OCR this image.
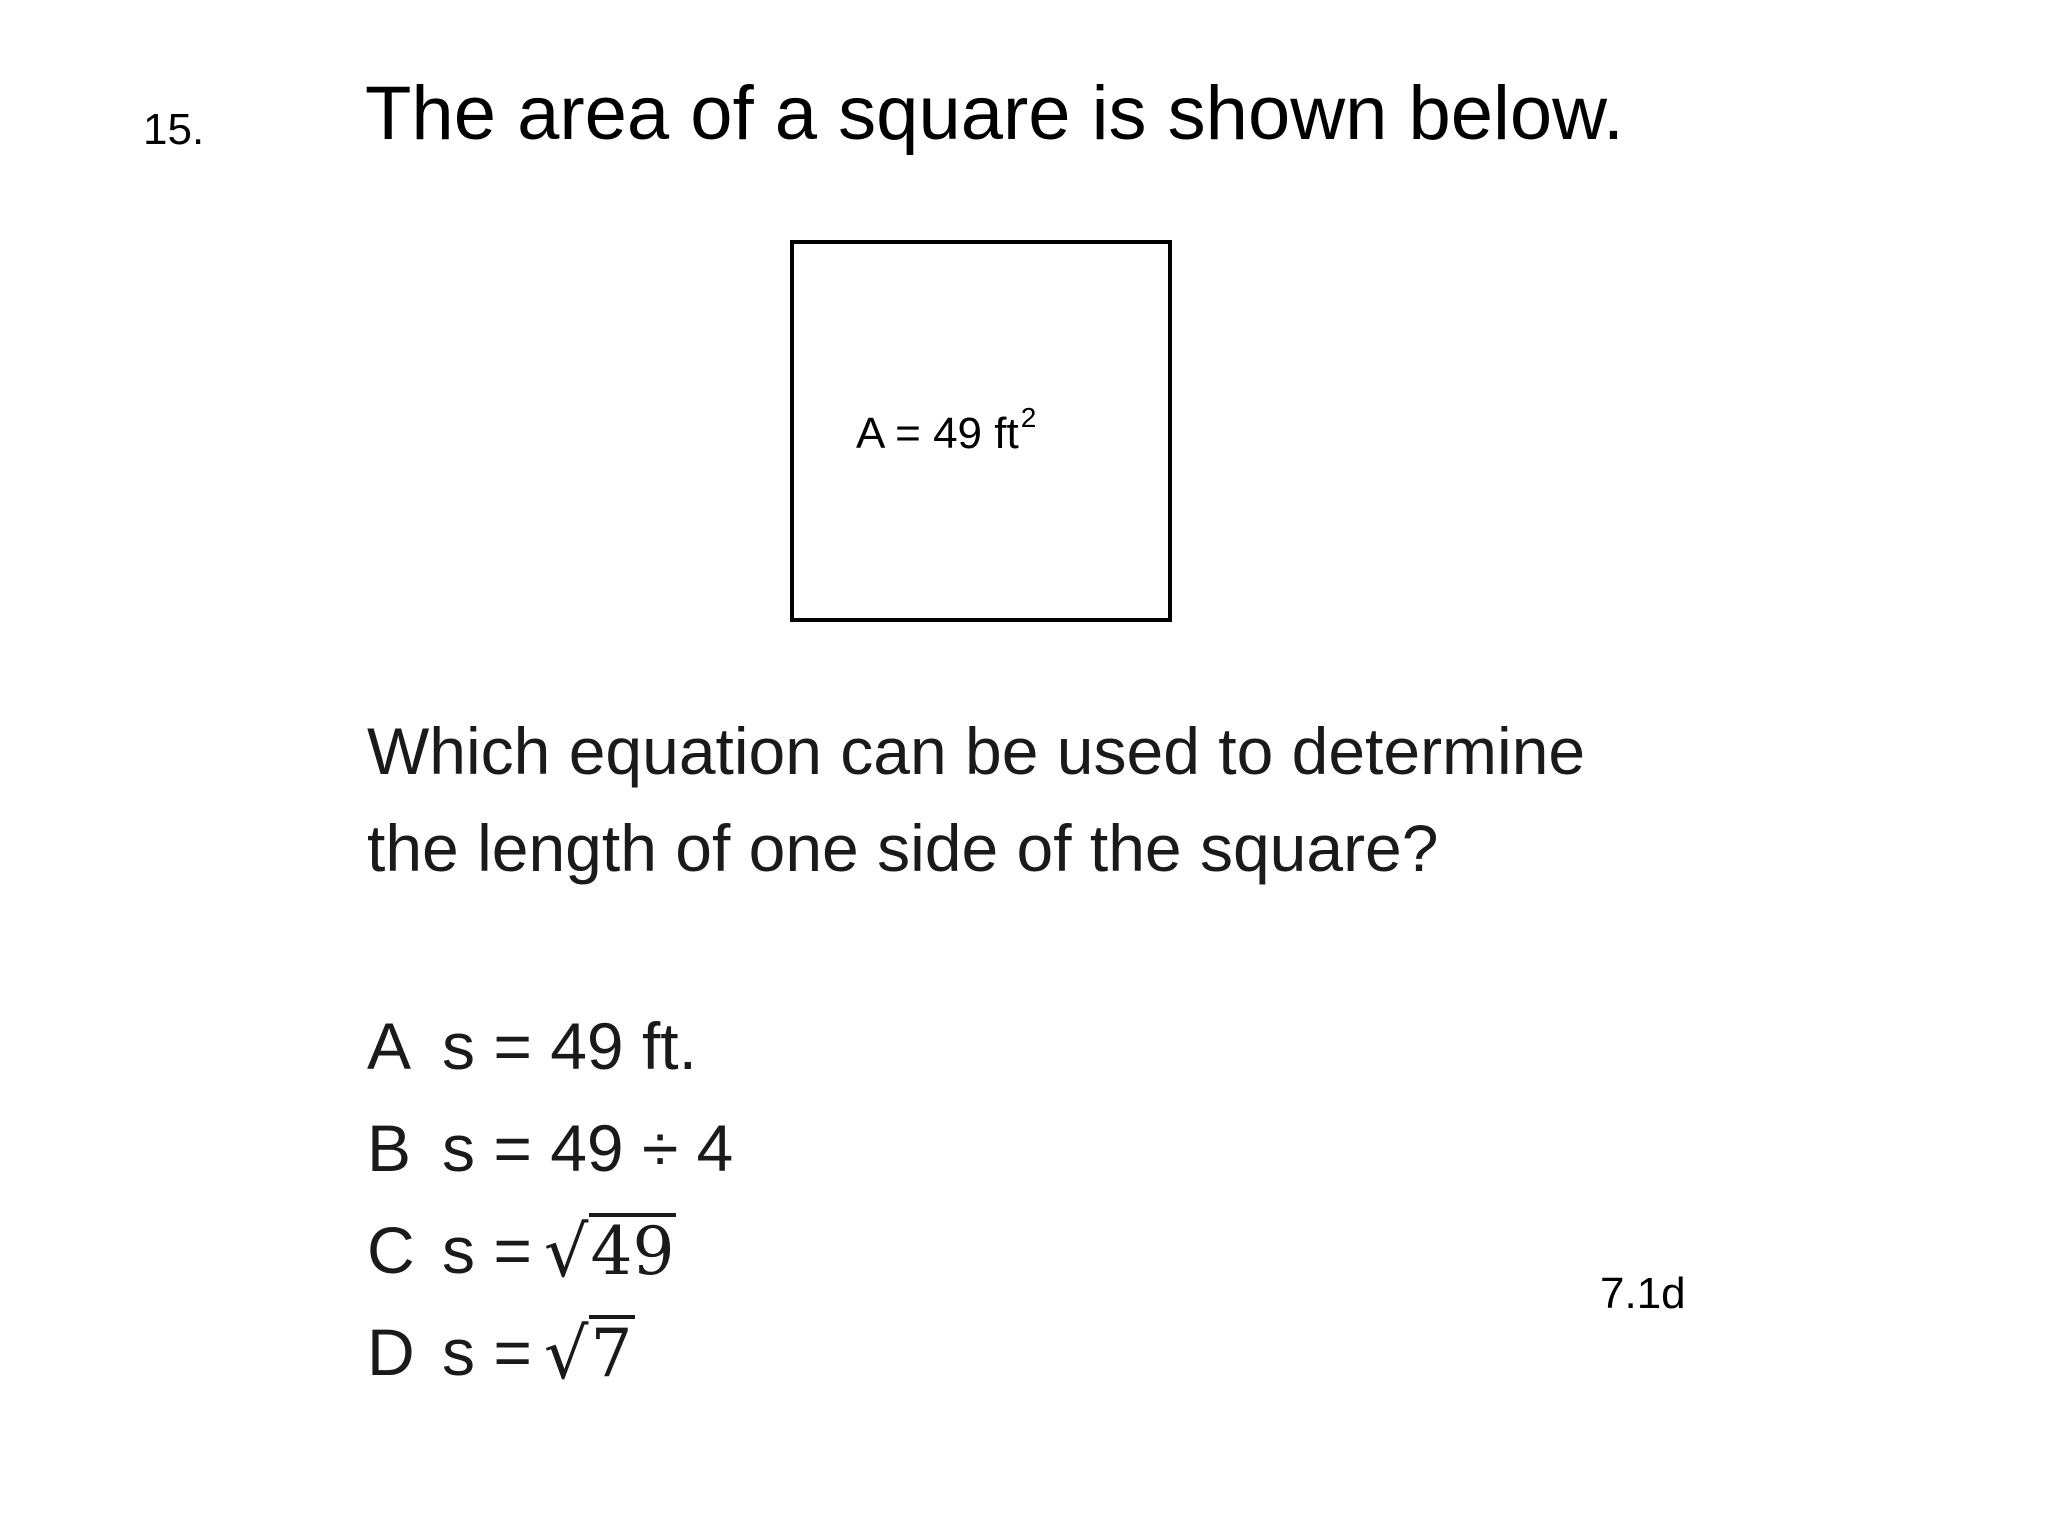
15. The area of a square is shown below.
A = 49 $ft^2$
Which equation can be used to determine
the length of one side of the square?
A s = 49 ft.
B s = 49 ÷ 4
C s = √ 49
D s = √ 7
7.1d
